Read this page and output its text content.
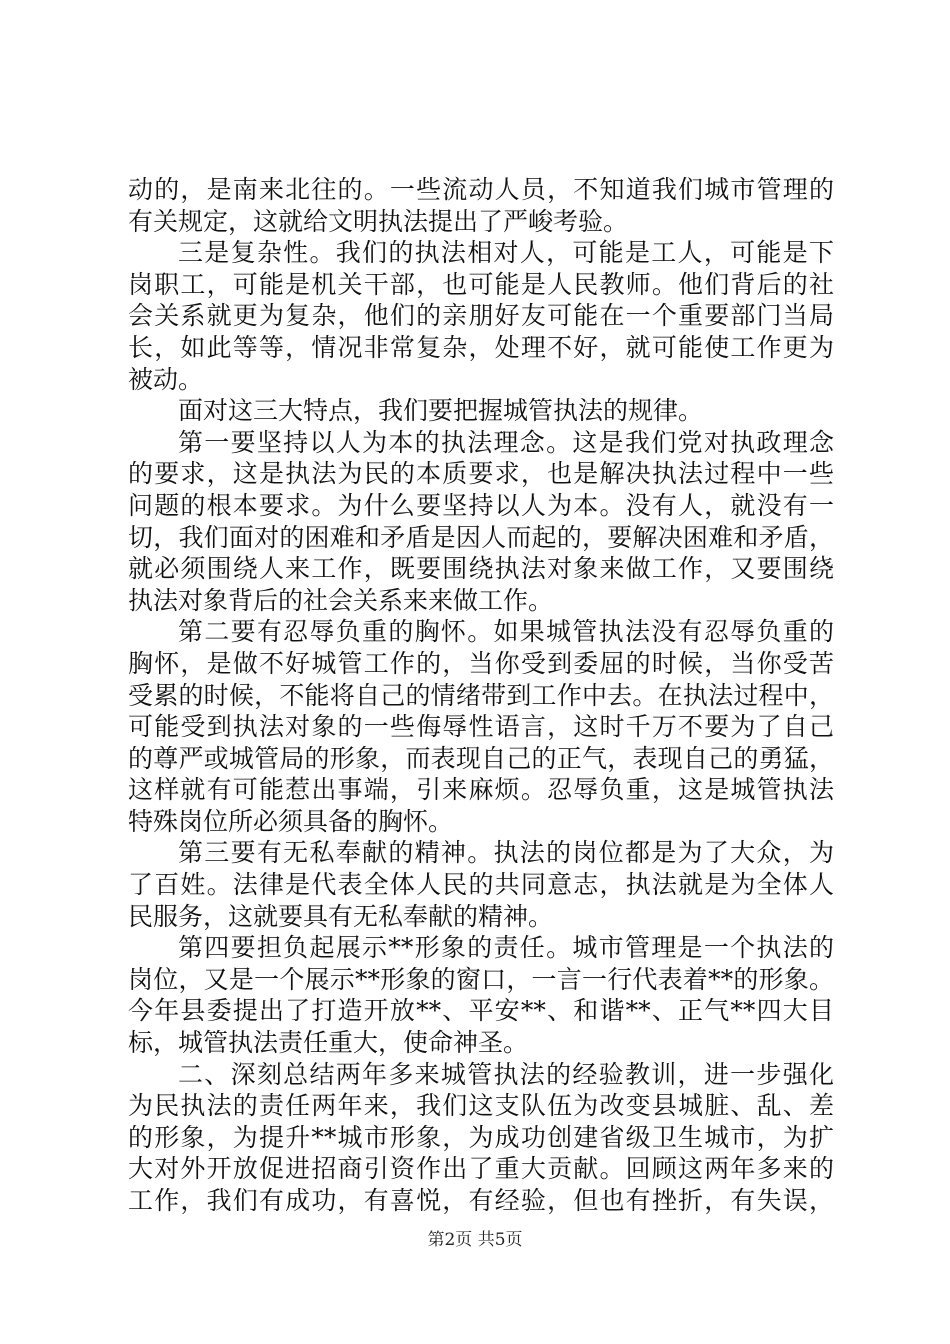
动的，是南来北往的。一些流动人员，不知道我们城市管理的
有关规定，这就给文明执法提出了严峻考验。
三是复杂性。我们的执法相对人，可能是工人，可能是下
岗职工，可能是机关干部，也可能是人民教师。他们背后的社
会关系就更为复杂，他们的亲朋好友可能在一个重要部门当局
长，如此等等，情况非常复杂，处理不好，就可能使工作更为
被动。
面对这三大特点，我们要把握城管执法的规律。
第一要坚持以人为本的执法理念。这是我们党对执政理念
的要求，这是执法为民的本质要求，也是解决执法过程中一些
问题的根本要求。为什么要坚持以人为本。没有人，就没有一
切，我们面对的困难和矛盾是因人而起的，要解决困难和矛盾，
就必须围绕人来工作，既要围绕执法对象来做工作，又要围绕
执法对象背后的社会关系来来做工作。
第二要有忍辱负重的胸怀。如果城管执法没有忍辱负重的
胸怀，是做不好城管工作的，当你受到委屈的时候，当你受苦
受累的时候，不能将自己的情绪带到工作中去。在执法过程中，
可能受到执法对象的一些侮辱性语言，这时千万不要为了自己
的尊严或城管局的形象，而表现自己的正气，表现自己的勇猛，
这样就有可能惹出事端，引来麻烦。忍辱负重，这是城管执法
特殊岗位所必须具备的胸怀。
第三要有无私奉献的精神。执法的岗位都是为了大众，为
了百姓。法律是代表全体人民的共同意志，执法就是为全体人
民服务，这就要具有无私奉献的精神。
第四要担负起展示**形象的责任。城市管理是一个执法的
岗位，又是一个展示**形象的窗口，一言一行代表着**的形象。
今年县委提出了打造开放**、平安**、和谐**、正气**四大目
标，城管执法责任重大，使命神圣。
二、深刻总结两年多来城管执法的经验教训，进一步强化
为民执法的责任两年来，我们这支队伍为改变县城脏、乱、差
的形象，为提升**城市形象，为成功创建省级卫生城市，为扩
大对外开放促进招商引资作出了重大贡献。回顾这两年多来的
工作，我们有成功，有喜悦，有经验，但也有挫折，有失误，
第2页 共5页
